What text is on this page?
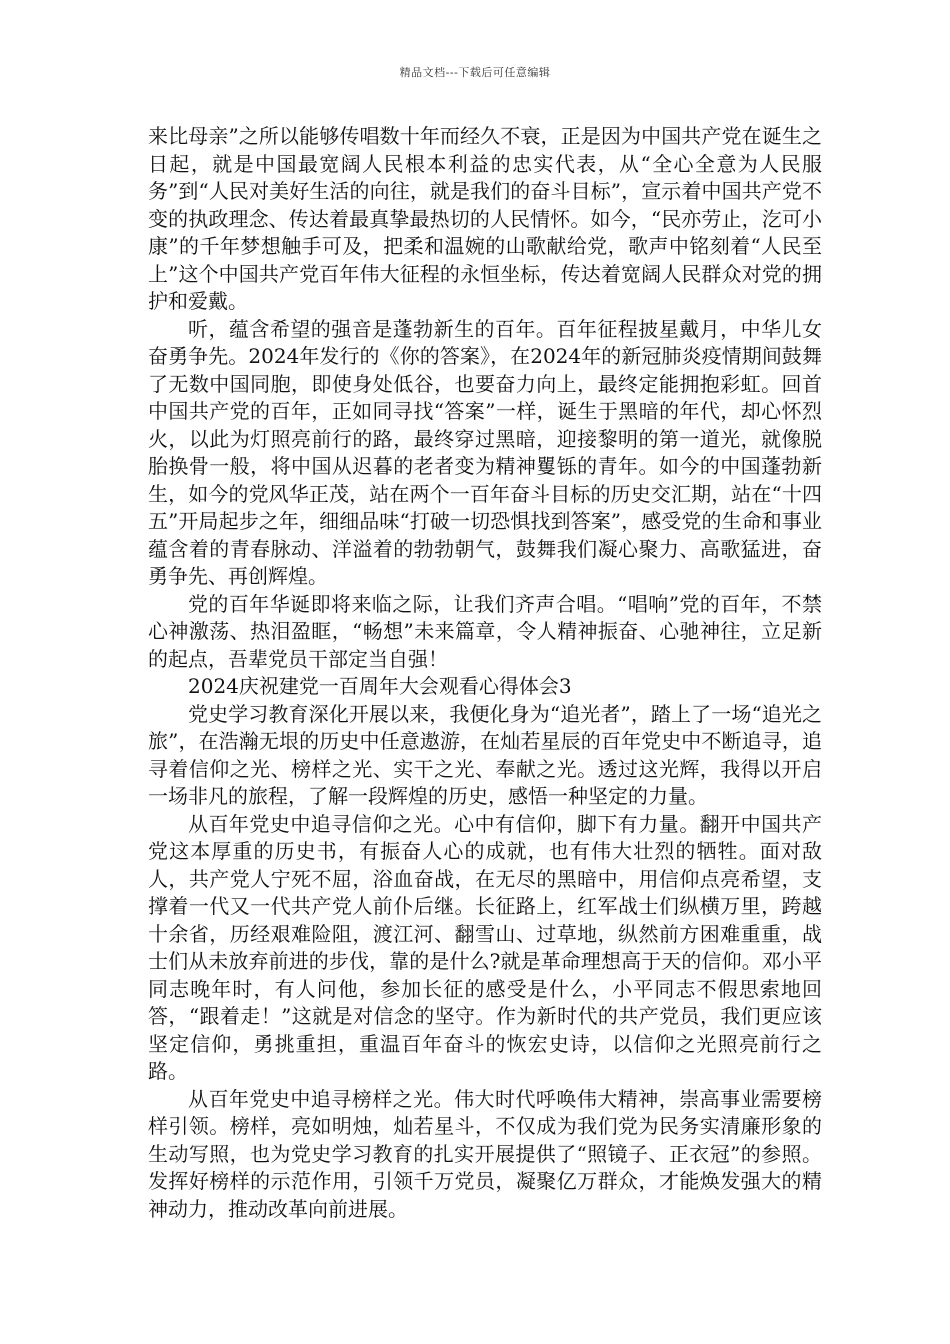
精品文档---下载后可任意编辑

来比母亲”之所以能够传唱数十年而经久不衰，正是因为中国共产党在诞生之日起，就是中国最宽阔人民根本利益的忠实代表，从“全心全意为人民服务”到“人民对美好生活的向往，就是我们的奋斗目标”，宣示着中国共产党不变的执政理念、传达着最真挚最热切的人民情怀。如今，“民亦劳止，汔可小康”的千年梦想触手可及，把柔和温婉的山歌献给党，歌声中铭刻着“人民至上”这个中国共产党百年伟大征程的永恒坐标，传达着宽阔人民群众对党的拥护和爱戴。

听，蕴含希望的强音是蓬勃新生的百年。百年征程披星戴月，中华儿女奋勇争先。2024年发行的《你的答案》，在2024年的新冠肺炎疫情期间鼓舞了无数中国同胞，即使身处低谷，也要奋力向上，最终定能拥抱彩虹。回首中国共产党的百年，正如同寻找“答案”一样，诞生于黑暗的年代，却心怀烈火，以此为灯照亮前行的路，最终穿过黑暗，迎接黎明的第一道光，就像脱胎换骨一般，将中国从迟暮的老者变为精神矍铄的青年。如今的中国蓬勃新生，如今的党风华正茂，站在两个一百年奋斗目标的历史交汇期，站在“十四五”开局起步之年，细细品味“打破一切恐惧找到答案”，感受党的生命和事业蕴含着的青春脉动、洋溢着的勃勃朝气，鼓舞我们凝心聚力、高歌猛进，奋勇争先、再创辉煌。

党的百年华诞即将来临之际，让我们齐声合唱。“唱响”党的百年，不禁心神激荡、热泪盈眶，“畅想”未来篇章，令人精神振奋、心驰神往，立足新的起点，吾辈党员干部定当自强！

2024庆祝建党一百周年大会观看心得体会3

党史学习教育深化开展以来，我便化身为“追光者”，踏上了一场“追光之旅”，在浩瀚无垠的历史中任意遨游，在灿若星辰的百年党史中不断追寻，追寻着信仰之光、榜样之光、实干之光、奉献之光。透过这光辉，我得以开启一场非凡的旅程，了解一段辉煌的历史，感悟一种坚定的力量。

从百年党史中追寻信仰之光。心中有信仰，脚下有力量。翻开中国共产党这本厚重的历史书，有振奋人心的成就，也有伟大壮烈的牺牲。面对敌人，共产党人宁死不屈，浴血奋战，在无尽的黑暗中，用信仰点亮希望，支撑着一代又一代共产党人前仆后继。长征路上，红军战士们纵横万里，跨越十余省，历经艰难险阻，渡江河、翻雪山、过草地，纵然前方困难重重，战士们从未放弃前进的步伐，靠的是什么?就是革命理想高于天的信仰。邓小平同志晚年时，有人问他，参加长征的感受是什么，小平同志不假思索地回答，“跟着走！”这就是对信念的坚守。作为新时代的共产党员，我们更应该坚定信仰，勇挑重担，重温百年奋斗的恢宏史诗，以信仰之光照亮前行之路。

从百年党史中追寻榜样之光。伟大时代呼唤伟大精神，崇高事业需要榜样引领。榜样，亮如明烛，灿若星斗，不仅成为我们党为民务实清廉形象的生动写照，也为党史学习教育的扎实开展提供了“照镜子、正衣冠”的参照。发挥好榜样的示范作用，引领千万党员，凝聚亿万群众，才能焕发强大的精神动力，推动改革向前进展。
